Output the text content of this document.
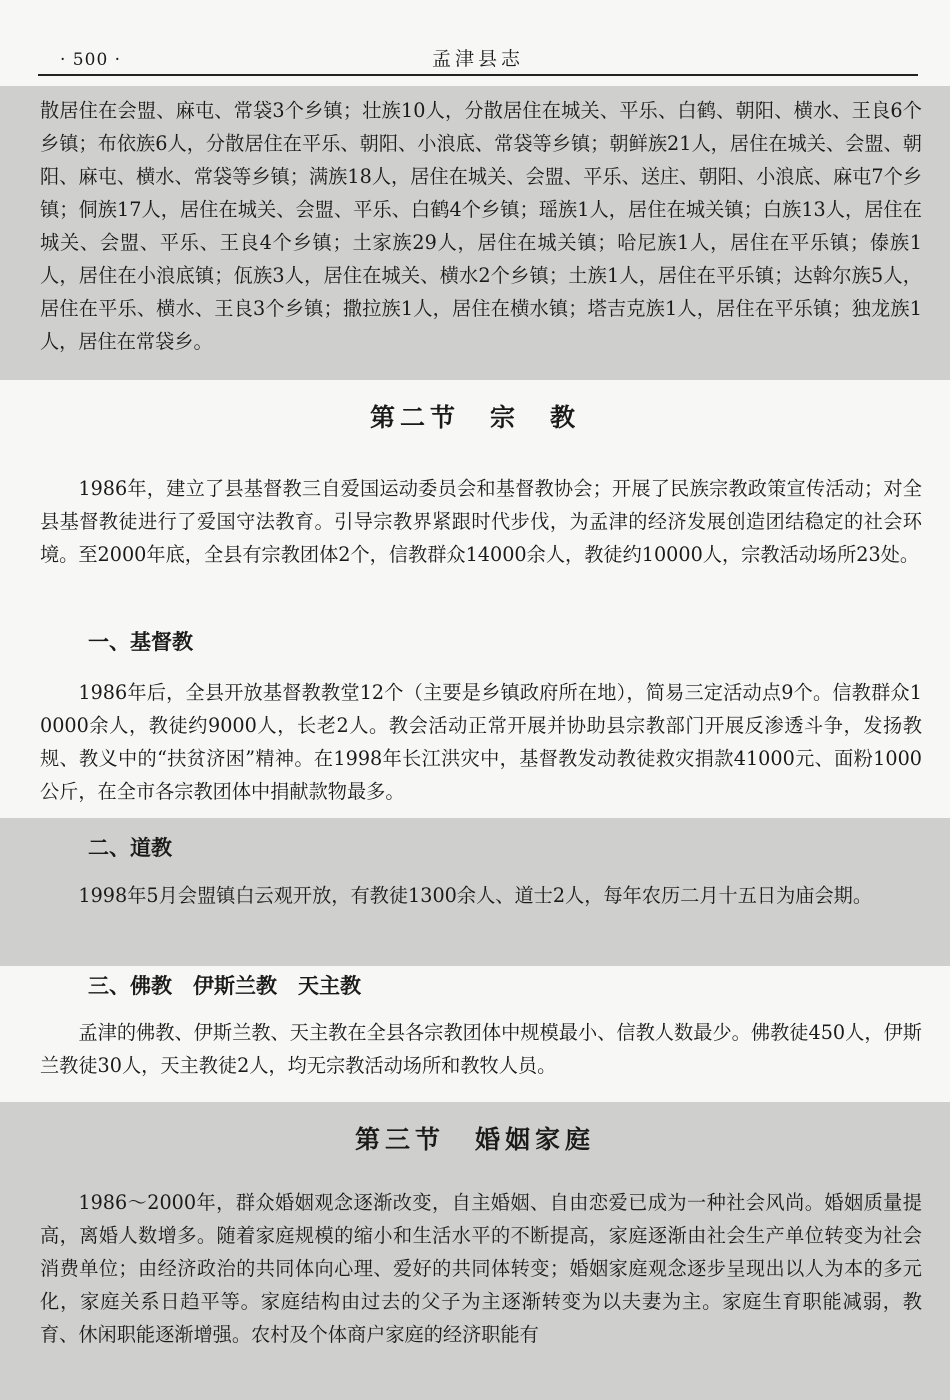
· 500 ·	孟津县志

散居住在会盟、麻屯、常袋3个乡镇；壮族10人，分散居住在城关、平乐、白鹤、朝阳、横水、王良6个乡镇；布依族6人，分散居住在平乐、朝阳、小浪底、常袋等乡镇；朝鲜族21人，居住在城关、会盟、朝阳、麻屯、横水、常袋等乡镇；满族18人，居住在城关、会盟、平乐、送庄、朝阳、小浪底、麻屯7个乡镇；侗族17人，居住在城关、会盟、平乐、白鹤4个乡镇；瑶族1人，居住在城关镇；白族13人，居住在城关、会盟、平乐、王良4个乡镇；土家族29人，居住在城关镇；哈尼族1人，居住在平乐镇；傣族1人，居住在小浪底镇；佤族3人，居住在城关、横水2个乡镇；土族1人，居住在平乐镇；达斡尔族5人，居住在平乐、横水、王良3个乡镇；撒拉族1人，居住在横水镇；塔吉克族1人，居住在平乐镇；独龙族1人，居住在常袋乡。

第二节　宗　教

1986年，建立了县基督教三自爱国运动委员会和基督教协会；开展了民族宗教政策宣传活动；对全县基督教徒进行了爱国守法教育。引导宗教界紧跟时代步伐，为孟津的经济发展创造团结稳定的社会环境。至2000年底，全县有宗教团体2个，信教群众14000余人，教徒约10000人，宗教活动场所23处。

一、基督教

1986年后，全县开放基督教教堂12个（主要是乡镇政府所在地），简易三定活动点9个。信教群众10000余人，教徒约9000人，长老2人。教会活动正常开展并协助县宗教部门开展反渗透斗争，发扬教规、教义中的“扶贫济困”精神。在1998年长江洪灾中，基督教发动教徒救灾捐款41000元、面粉1000公斤，在全市各宗教团体中捐献款物最多。

二、道教

1998年5月会盟镇白云观开放，有教徒1300余人、道士2人，每年农历二月十五日为庙会期。

三、佛教　伊斯兰教　天主教

孟津的佛教、伊斯兰教、天主教在全县各宗教团体中规模最小、信教人数最少。佛教徒450人，伊斯兰教徒30人，天主教徒2人，均无宗教活动场所和教牧人员。

第三节　婚姻家庭

1986～2000年，群众婚姻观念逐渐改变，自主婚姻、自由恋爱已成为一种社会风尚。婚姻质量提高，离婚人数增多。随着家庭规模的缩小和生活水平的不断提高，家庭逐渐由社会生产单位转变为社会消费单位；由经济政治的共同体向心理、爱好的共同体转变；婚姻家庭观念逐步呈现出以人为本的多元化，家庭关系日趋平等。家庭结构由过去的父子为主逐渐转变为以夫妻为主。家庭生育职能减弱，教育、休闲职能逐渐增强。农村及个体商户家庭的经济职能有
